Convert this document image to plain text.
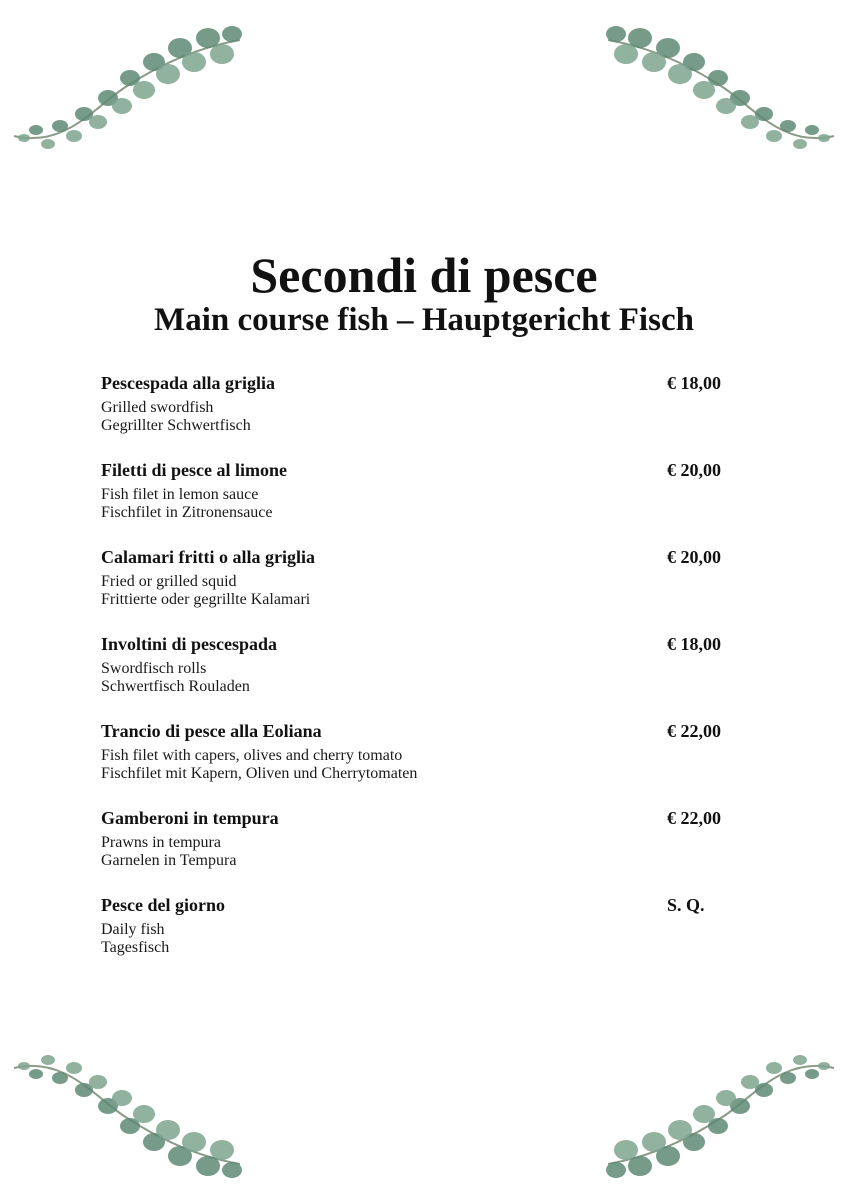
Secondi di pesce
Main course fish – Hauptgericht Fisch
Pescespada alla griglia	€ 18,00
Grilled swordfish
Gegrillter Schwertfisch
Filetti di pesce al limone	€ 20,00
Fish filet in lemon sauce
Fischfilet in Zitronensauce
Calamari fritti o alla griglia	€ 20,00
Fried or grilled squid
Frittierte oder gegrillte Kalamari
Involtini di pescespada	€ 18,00
Swordfisch rolls
Schwertfisch Rouladen
Trancio di pesce alla Eoliana	€ 22,00
Fish filet with capers, olives and cherry tomato
Fischfilet mit Kapern, Oliven und Cherrytomaten
Gamberoni in tempura	€ 22,00
Prawns in tempura
Garnelen in Tempura
Pesce del giorno	S. Q.
Daily fish
Tagesfisch
